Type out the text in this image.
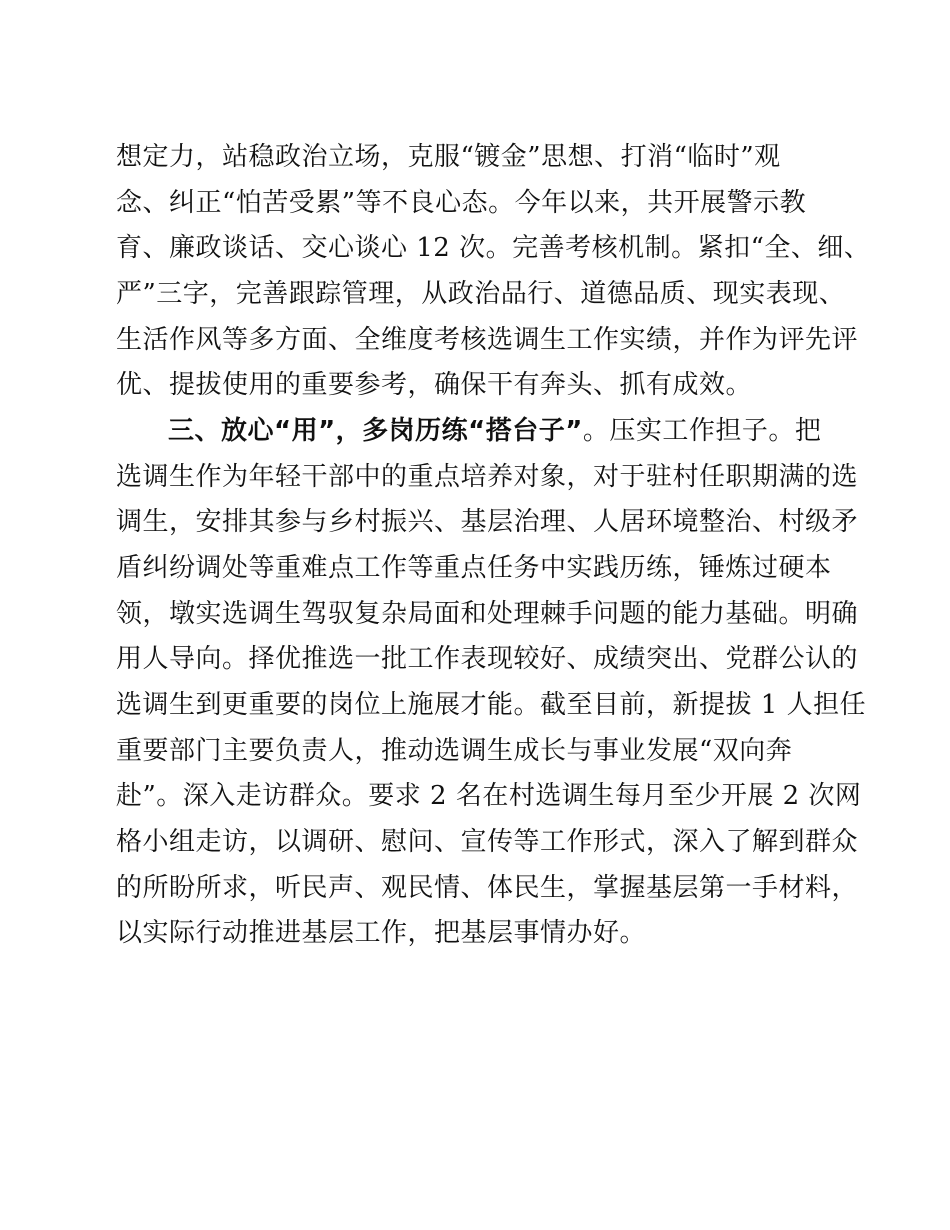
想定力，站稳政治立场，克服“镀金”思想、打消“临时”观
念、纠正“怕苦受累”等不良心态。今年以来，共开展警示教
育、廉政谈话、交心谈心 12 次。完善考核机制。紧扣“全、细、
严”三字，完善跟踪管理，从政治品行、道德品质、现实表现、
生活作风等多方面、全维度考核选调生工作实绩，并作为评先评
优、提拔使用的重要参考，确保干有奔头、抓有成效。
三、放心“用”，多岗历练“搭台子”。压实工作担子。把
选调生作为年轻干部中的重点培养对象，对于驻村任职期满的选
调生，安排其参与乡村振兴、基层治理、人居环境整治、村级矛
盾纠纷调处等重难点工作等重点任务中实践历练，锤炼过硬本
领，墩实选调生驾驭复杂局面和处理棘手问题的能力基础。明确
用人导向。择优推选一批工作表现较好、成绩突出、党群公认的
选调生到更重要的岗位上施展才能。截至目前，新提拔 1 人担任
重要部门主要负责人，推动选调生成长与事业发展“双向奔
赴”。深入走访群众。要求 2 名在村选调生每月至少开展 2 次网
格小组走访，以调研、慰问、宣传等工作形式，深入了解到群众
的所盼所求，听民声、观民情、体民生，掌握基层第一手材料，
以实际行动推进基层工作，把基层事情办好。
